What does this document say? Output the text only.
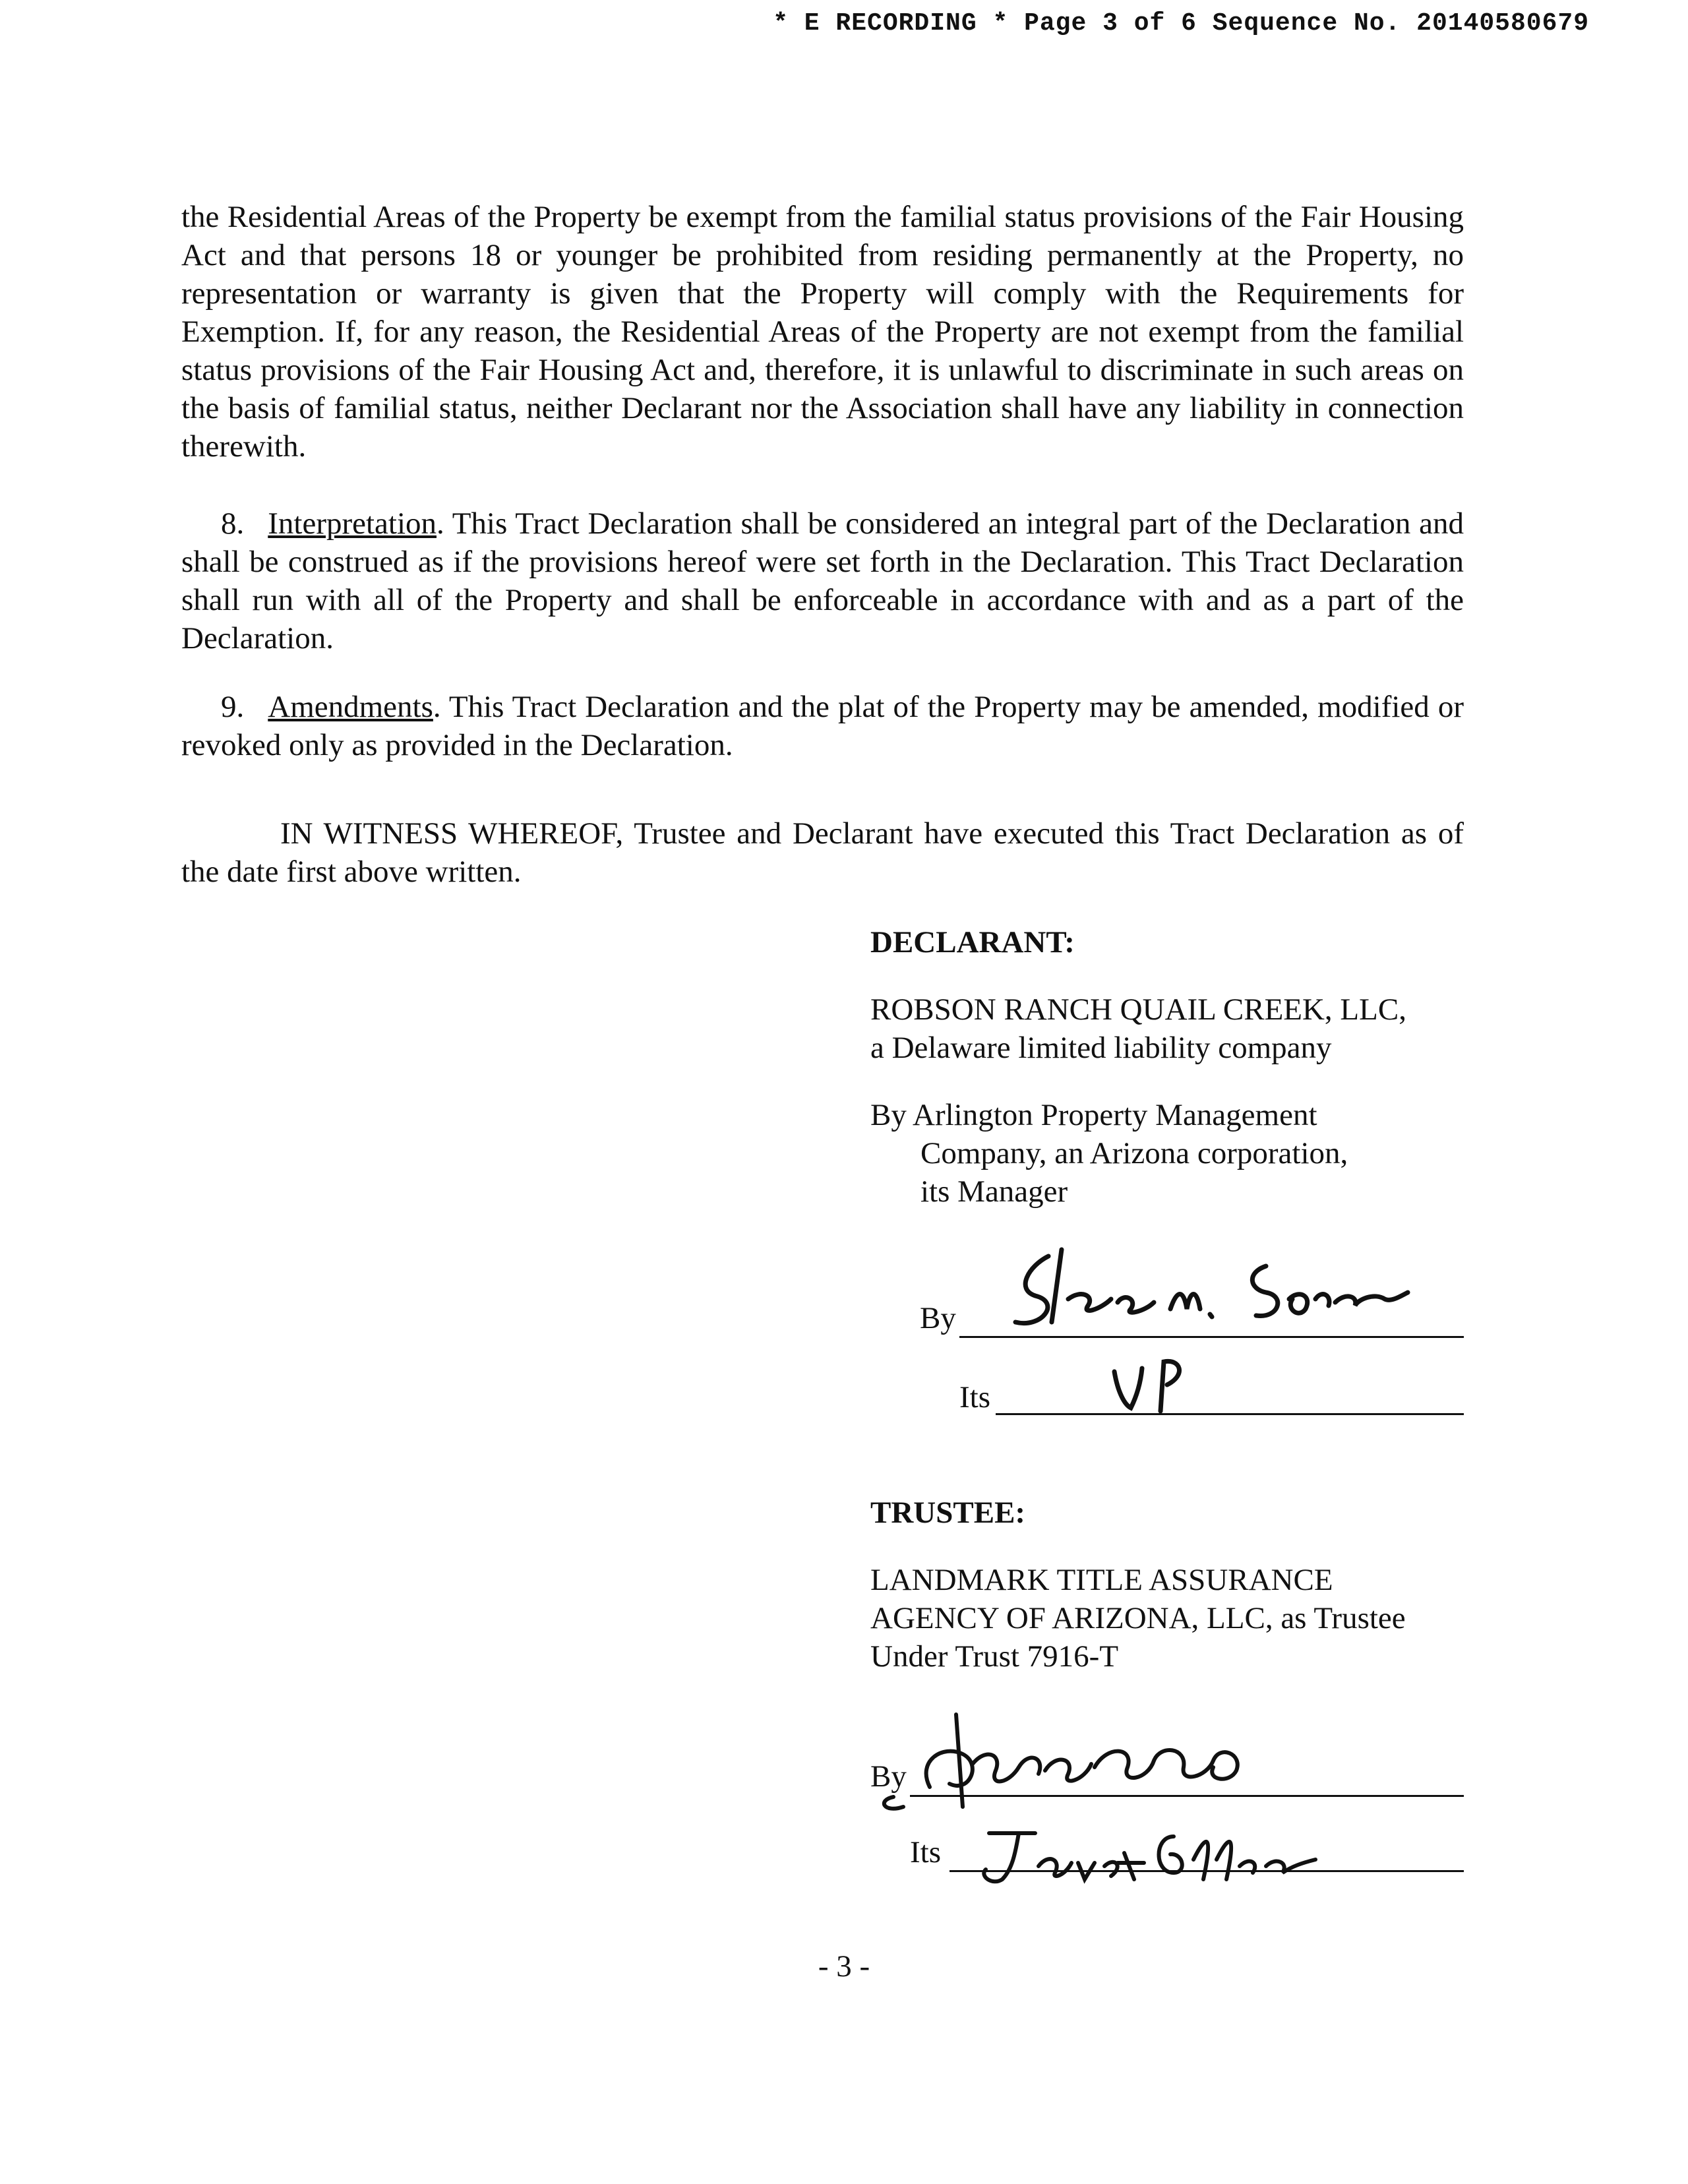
* E RECORDING * Page 3 of 6 Sequence No. 20140580679

the Residential Areas of the Property be exempt from the familial status provisions of the Fair Housing Act and that persons 18 or younger be prohibited from residing permanently at the Property, no representation or warranty is given that the Property will comply with the Requirements for Exemption. If, for any reason, the Residential Areas of the Property are not exempt from the familial status provisions of the Fair Housing Act and, therefore, it is unlawful to discriminate in such areas on the basis of familial status, neither Declarant nor the Association shall have any liability in connection therewith.

8. Interpretation. This Tract Declaration shall be considered an integral part of the Declaration and shall be construed as if the provisions hereof were set forth in the Declaration. This Tract Declaration shall run with all of the Property and shall be enforceable in accordance with and as a part of the Declaration.

9. Amendments. This Tract Declaration and the plat of the Property may be amended, modified or revoked only as provided in the Declaration.

IN WITNESS WHEREOF, Trustee and Declarant have executed this Tract Declaration as of the date first above written.

DECLARANT:
ROBSON RANCH QUAIL CREEK, LLC,
a Delaware limited liability company
By Arlington Property Management
Company, an Arizona corporation,
its Manager
By
Its
TRUSTEE:
LANDMARK TITLE ASSURANCE
AGENCY OF ARIZONA, LLC, as Trustee
Under Trust 7916-T
By
Its
- 3 -
